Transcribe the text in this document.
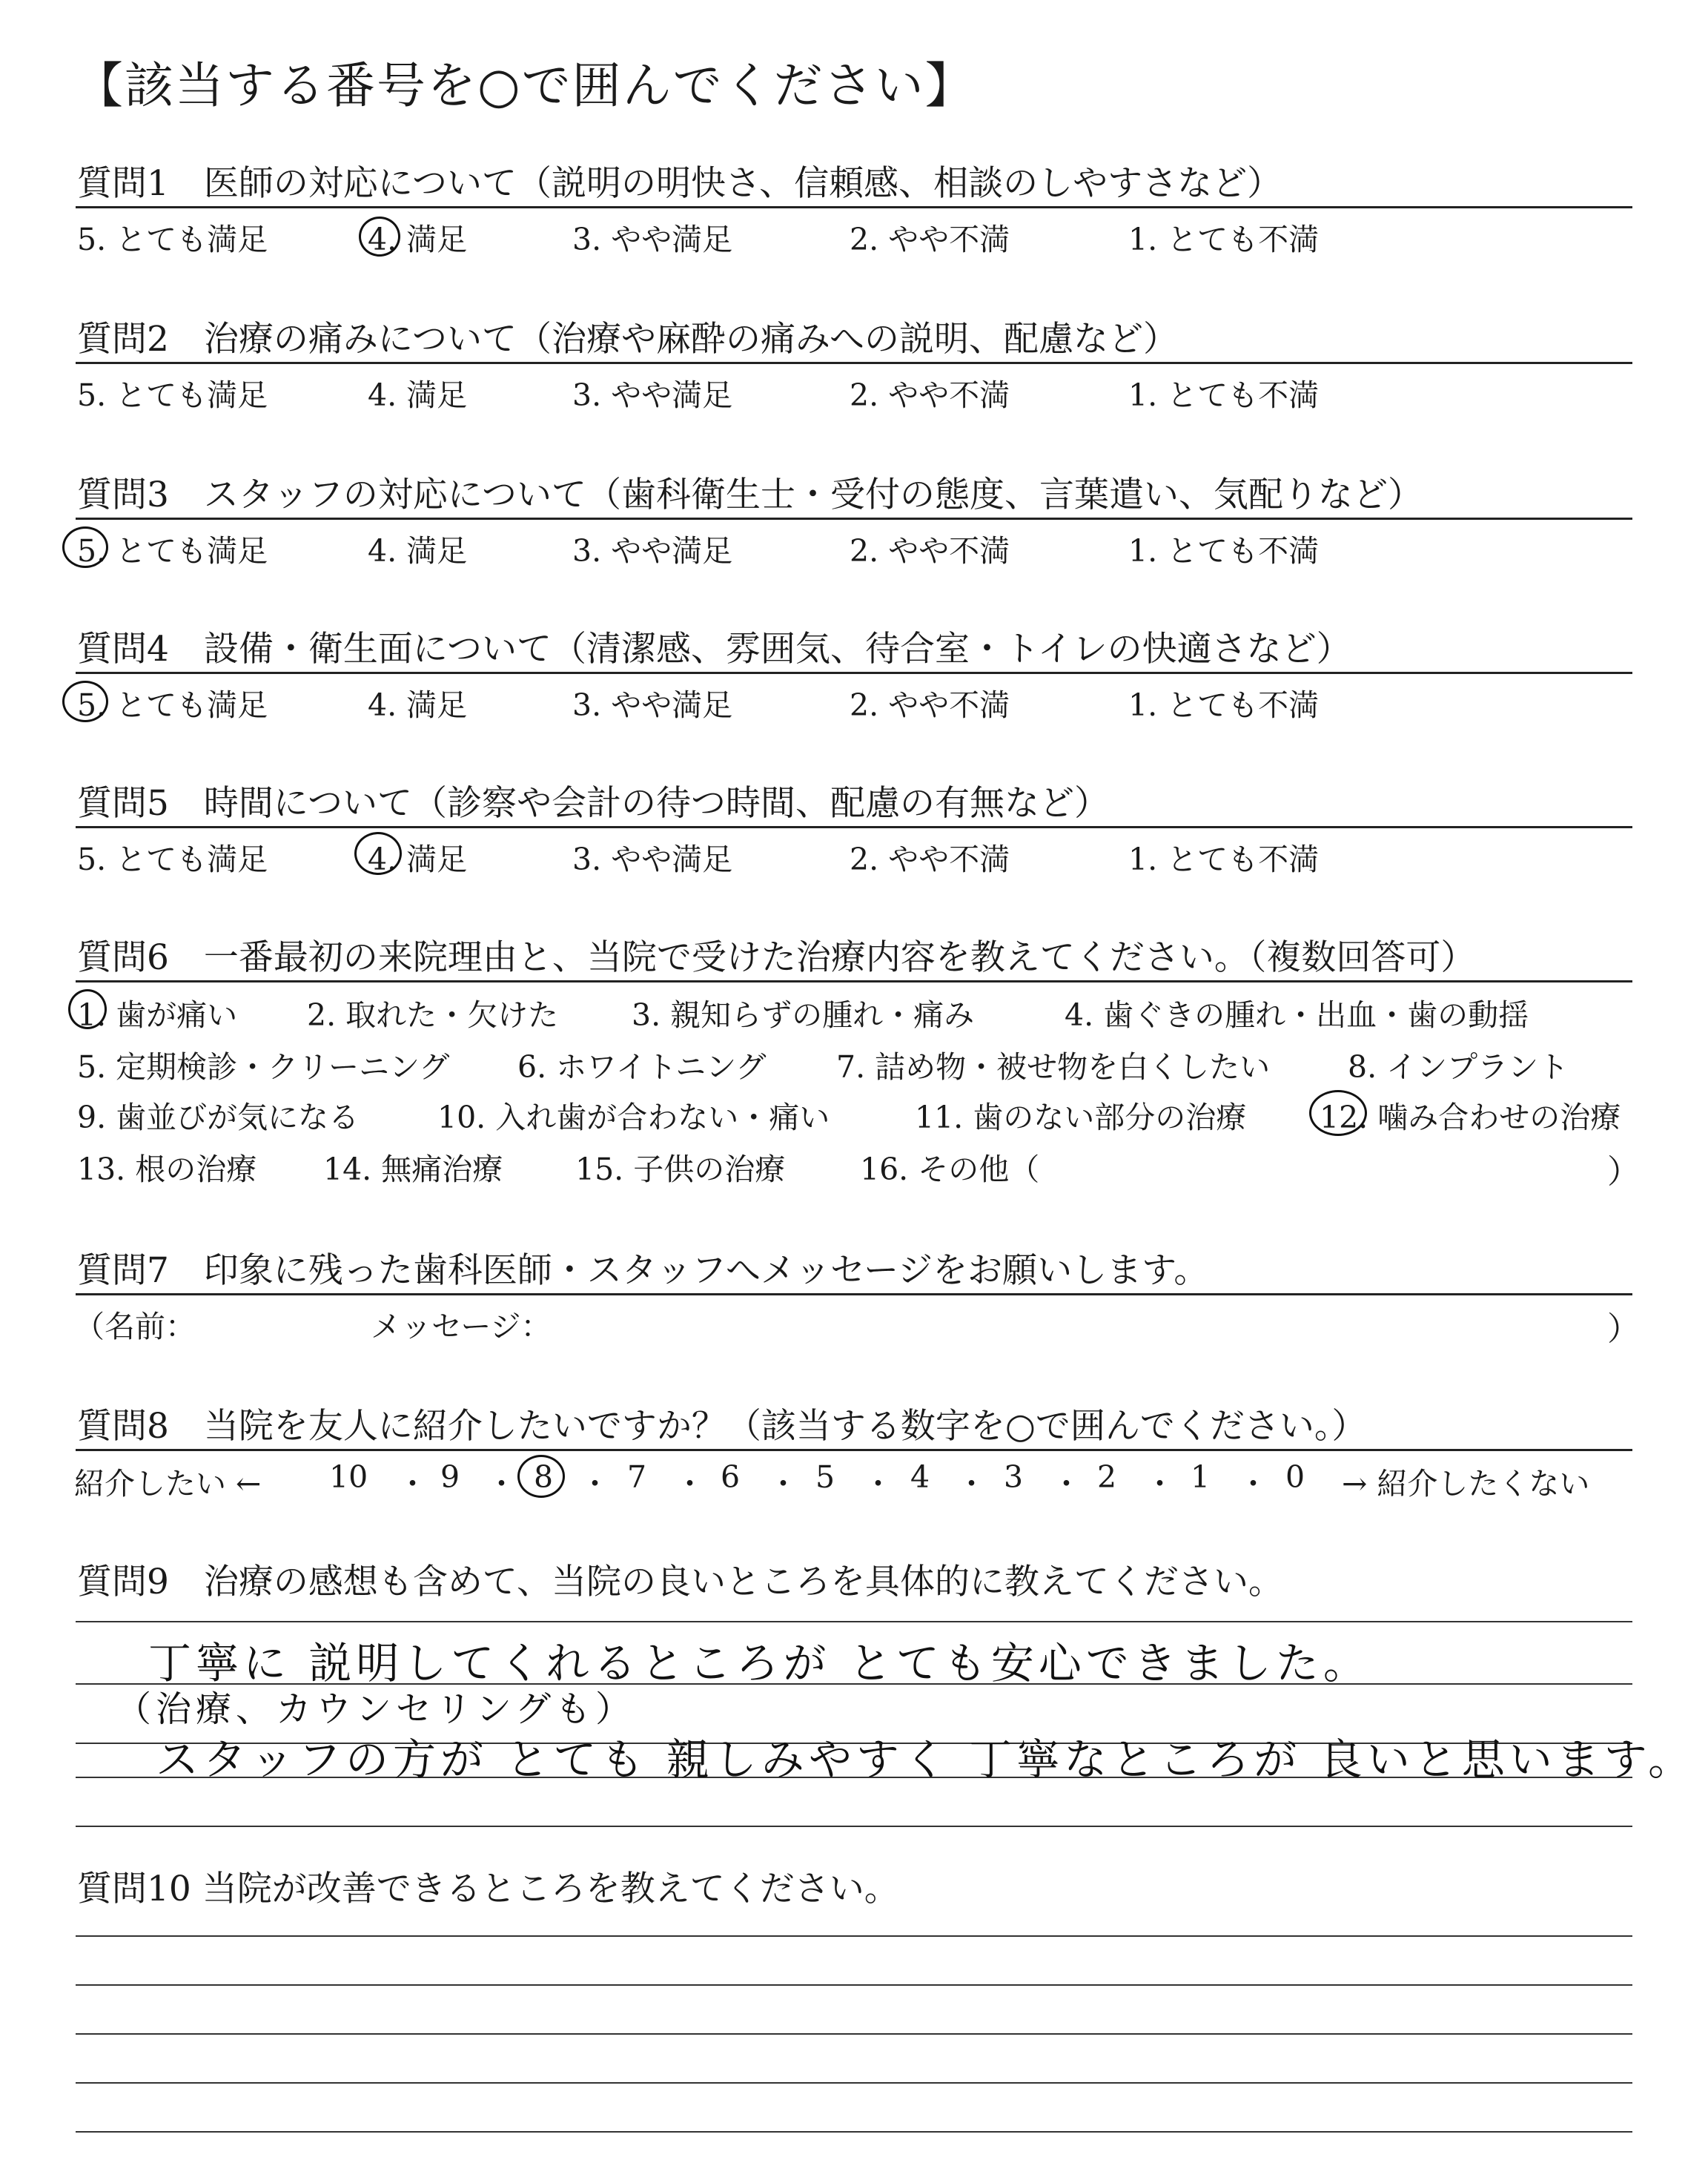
【該当する番号を○で囲んでください】
質問1　医師の対応について（説明の明快さ、信頼感、相談のしやすさなど）
5. とても満足	4. 満足	3. やや満足	2. やや不満	1. とても不満
質問2　治療の痛みについて（治療や麻酔の痛みへの説明、配慮など）
5. とても満足	4. 満足	3. やや満足	2. やや不満	1. とても不満
質問3　スタッフの対応について（歯科衛生士・受付の態度、言葉遣い、気配りなど）
5. とても満足	4. 満足	3. やや満足	2. やや不満	1. とても不満
質問4　設備・衛生面について（清潔感、雰囲気、待合室・トイレの快適さなど）
5. とても満足	4. 満足	3. やや満足	2. やや不満	1. とても不満
質問5　時間について（診察や会計の待つ時間、配慮の有無など）
5. とても満足	4. 満足	3. やや満足	2. やや不満	1. とても不満
質問6　一番最初の来院理由と、当院で受けた治療内容を教えてください。（複数回答可）
1. 歯が痛い 2. 取れた・欠けた 3. 親知らずの腫れ・痛み	4. 歯ぐきの腫れ・出血・歯の動揺
5. 定期検診・クリーニング 6. ホワイトニング 7. 詰め物・被せ物を白くしたい	8. インプラント
9. 歯並びが気になる	10. 入れ歯が合わない・痛い	11. 歯のない部分の治療 12. 噛み合わせの治療
13. 根の治療 14. 無痛治療 15. 子供の治療 16. その他（	）
質問7　印象に残った歯科医師・スタッフへメッセージをお願いします。
（名前：	メッセージ：	）
質問8　当院を友人に紹介したいですか？（該当する数字を○で囲んでください。）
紹介したい ← 10 ・ 9 ・ 8 ・ 7 ・ 6 ・ 5 ・ 4 ・ 3 ・ 2 ・ 1 ・ 0 → 紹介したくない
質問9　治療の感想も含めて、当院の良いところを具体的に教えてください。
丁寧に 説明してくれるところが とても安心できました。
（治療、カウンセリングも）
スタッフの方が とても 親しみやすく 丁寧なところが 良いと思います。
質問10 当院が改善できるところを教えてください。
